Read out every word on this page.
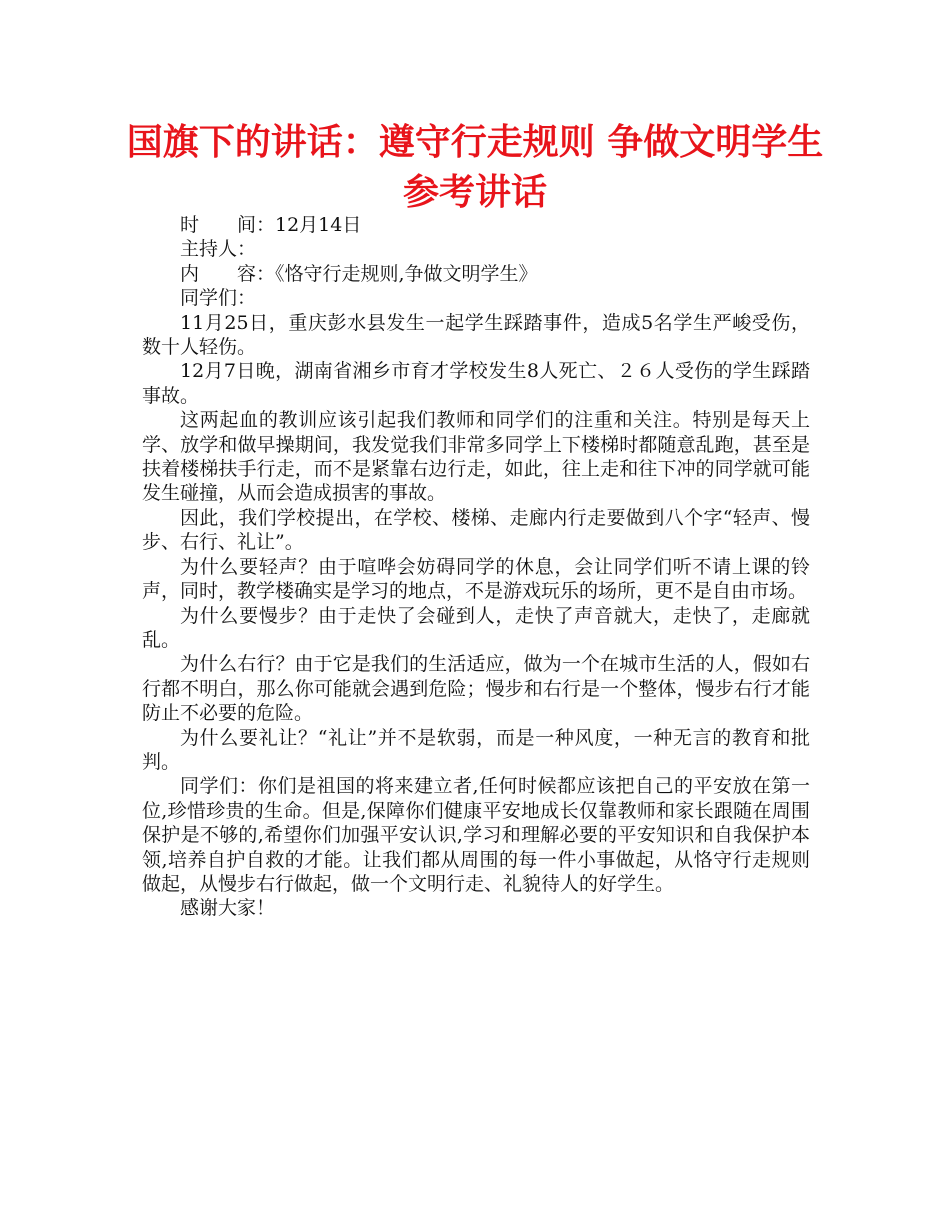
国旗下的讲话：遵守行走规则 争做文明学生参考讲话

时　　间：12月14日

主持人：

内　　容：《恪守行走规则,争做文明学生》

同学们：

11月25日，重庆彭水县发生一起学生踩踏事件，造成5名学生严峻受伤，数十人轻伤。

12月7日晚，湖南省湘乡市育才学校发生8人死亡、２６人受伤的学生踩踏事故。

这两起血的教训应该引起我们教师和同学们的注重和关注。特别是每天上学、放学和做早操期间，我发觉我们非常多同学上下楼梯时都随意乱跑，甚至是扶着楼梯扶手行走，而不是紧靠右边行走，如此，往上走和往下冲的同学就可能发生碰撞，从而会造成损害的事故。

因此，我们学校提出，在学校、楼梯、走廊内行走要做到八个字“轻声、慢步、右行、礼让”。

为什么要轻声？由于喧哗会妨碍同学的休息，会让同学们听不请上课的铃声，同时，教学楼确实是学习的地点，不是游戏玩乐的场所，更不是自由市场。

为什么要慢步？由于走快了会碰到人，走快了声音就大，走快了，走廊就乱。

为什么右行？由于它是我们的生活适应，做为一个在城市生活的人，假如右行都不明白，那么你可能就会遇到危险；慢步和右行是一个整体，慢步右行才能防止不必要的危险。

为什么要礼让？“礼让”并不是软弱，而是一种风度，一种无言的教育和批判。

同学们：你们是祖国的将来建立者,任何时候都应该把自己的平安放在第一位,珍惜珍贵的生命。但是,保障你们健康平安地成长仅靠教师和家长跟随在周围保护是不够的,希望你们加强平安认识,学习和理解必要的平安知识和自我保护本领,培养自护自救的才能。让我们都从周围的每一件小事做起，从恪守行走规则做起，从慢步右行做起，做一个文明行走、礼貌待人的好学生。

感谢大家！
